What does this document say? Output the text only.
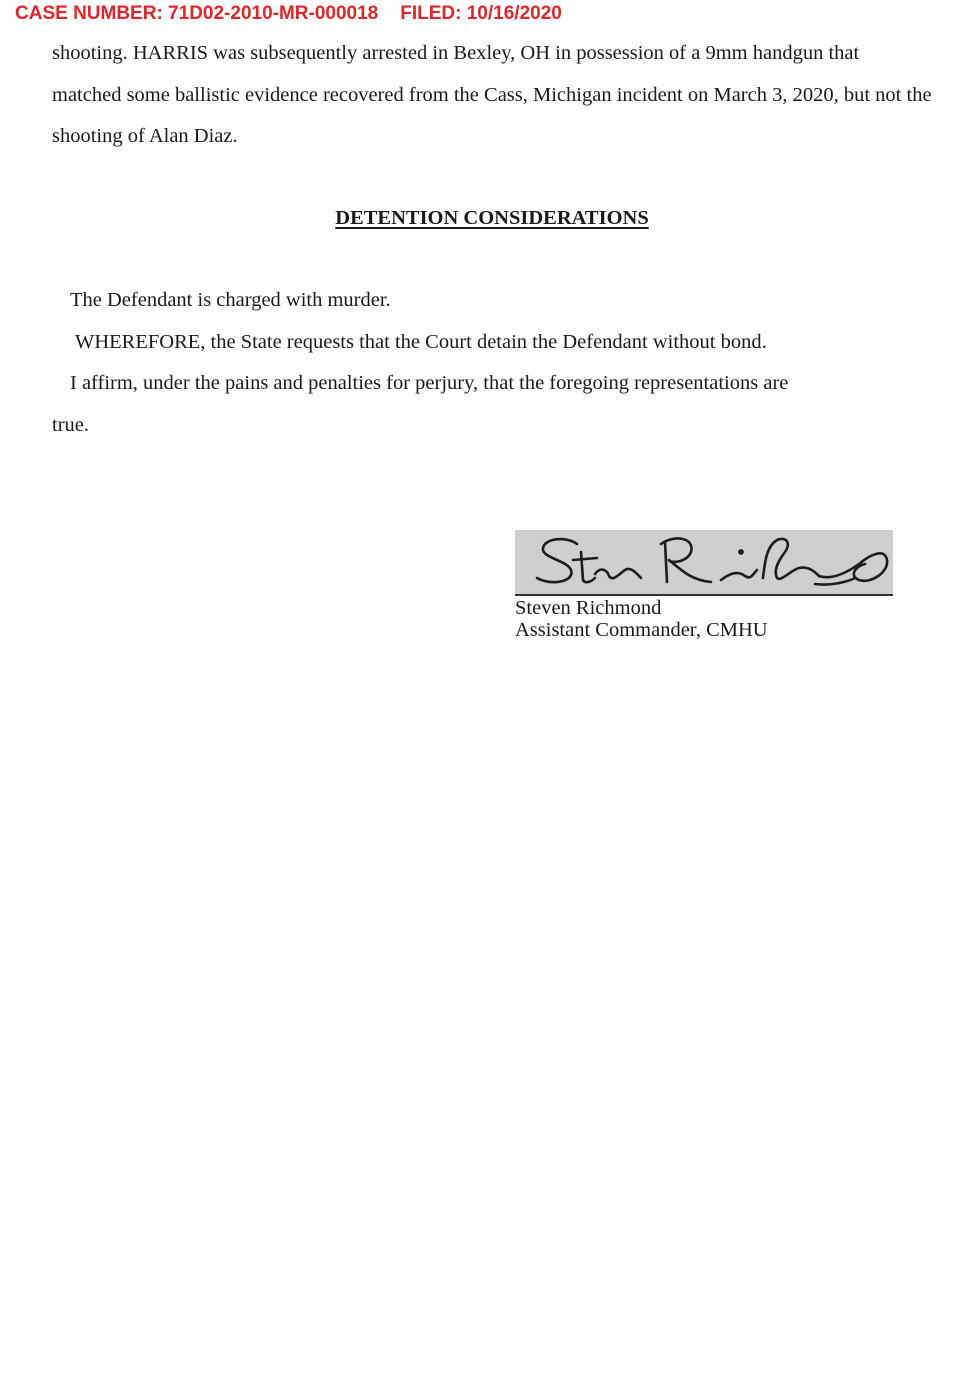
CASE NUMBER: 71D02-2010-MR-000018 FILED: 10/16/2020
shooting. HARRIS was subsequently arrested in Bexley, OH in possession of a 9mm handgun that matched some ballistic evidence recovered from the Cass, Michigan incident on March 3, 2020, but not the shooting of Alan Diaz.
DETENTION CONSIDERATIONS
The Defendant is charged with murder.
WHEREFORE, the State requests that the Court detain the Defendant without bond.
I affirm, under the pains and penalties for perjury, that the foregoing representations are
true.
Steven Richmond
Assistant Commander, CMHU
